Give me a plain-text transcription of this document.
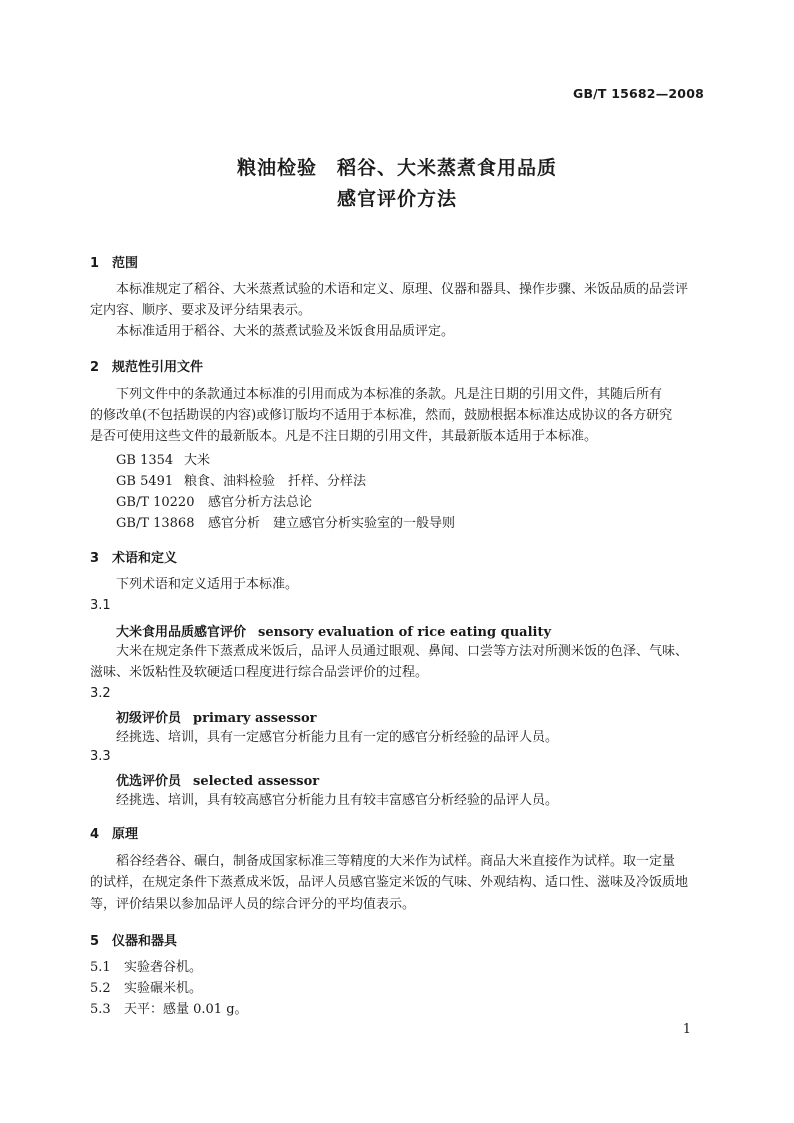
GB/T 15682—2008
粮油检验　稻谷、大米蒸煮食用品质
感官评价方法
1 范围
本标准规定了稻谷、大米蒸煮试验的术语和定义、原理、仪器和器具、操作步骤、米饭品质的品尝评
定内容、顺序、要求及评分结果表示。
本标准适用于稻谷、大米的蒸煮试验及米饭食用品质评定。
2 规范性引用文件
下列文件中的条款通过本标准的引用而成为本标准的条款。凡是注日期的引用文件，其随后所有
的修改单(不包括勘误的内容)或修订版均不适用于本标准，然而，鼓励根据本标准达成协议的各方研究
是否可使用这些文件的最新版本。凡是不注日期的引用文件，其最新版本适用于本标准。
GB 1354 大米
GB 5491 粮食、油料检验　扦样、分样法
GB/T 10220 感官分析方法总论
GB/T 13868 感官分析　建立感官分析实验室的一般导则
3 术语和定义
下列术语和定义适用于本标准。
3.1
大米食用品质感官评价 sensory evaluation of rice eating quality
大米在规定条件下蒸煮成米饭后，品评人员通过眼观、鼻闻、口尝等方法对所测米饭的色泽、气味、
滋味、米饭粘性及软硬适口程度进行综合品尝评价的过程。
3.2
初级评价员 primary assessor
经挑选、培训，具有一定感官分析能力且有一定的感官分析经验的品评人员。
3.3
优选评价员 selected assessor
经挑选、培训，具有较高感官分析能力且有较丰富感官分析经验的品评人员。
4 原理
稻谷经砻谷、碾白，制备成国家标准三等精度的大米作为试样。商品大米直接作为试样。取一定量
的试样，在规定条件下蒸煮成米饭，品评人员感官鉴定米饭的气味、外观结构、适口性、滋味及冷饭质地
等，评价结果以参加品评人员的综合评分的平均值表示。
5 仪器和器具
5.1 实验砻谷机。
5.2 实验碾米机。
5.3 天平：感量 0.01 g。
1
